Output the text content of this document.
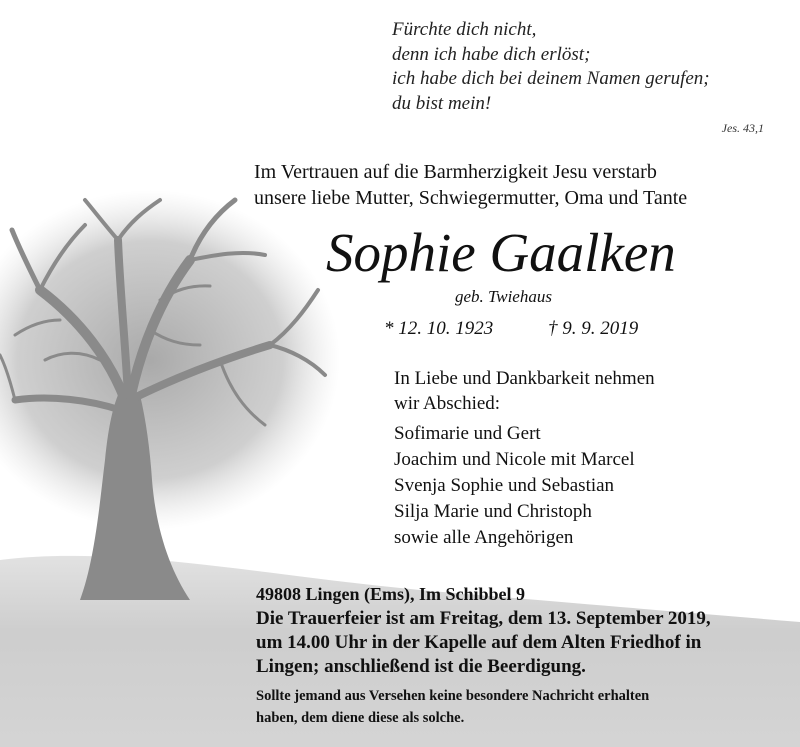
Fürchte dich nicht,
denn ich habe dich erlöst;
ich habe dich bei deinem Namen gerufen;
du bist mein!
Jes. 43,1
Im Vertrauen auf die Barmherzigkeit Jesu verstarb
unsere liebe Mutter, Schwiegermutter, Oma und Tante
Sophie Gaalken
geb. Twiehaus
* 12. 10. 1923	† 9. 9. 2019
In Liebe und Dankbarkeit nehmen
wir Abschied:
Sofimarie und Gert
Joachim und Nicole mit Marcel
Svenja Sophie und Sebastian
Silja Marie und Christoph
sowie alle Angehörigen
49808 Lingen (Ems), Im Schibbel 9
Die Trauerfeier ist am Freitag, dem 13. September 2019,
um 14.00 Uhr in der Kapelle auf dem Alten Friedhof in
Lingen; anschließend ist die Beerdigung.
Sollte jemand aus Versehen keine besondere Nachricht erhalten
haben, dem diene diese als solche.
